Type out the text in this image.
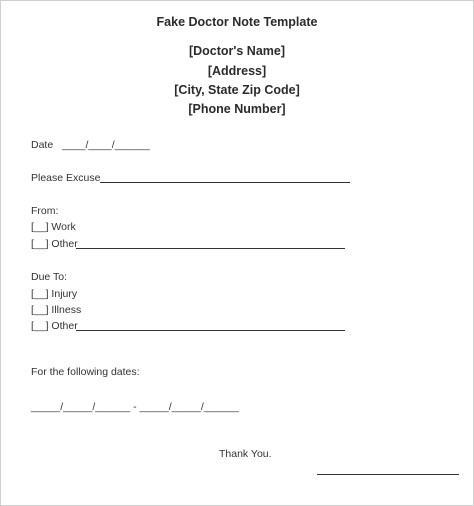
Fake Doctor Note Template
[Doctor's Name]
[Address]
[City, State Zip Code]
[Phone Number]
Date ____/____/______
Please Excuse
From:
[__] Work
[__] Other
Due To:
[__] Injury
[__] Illness
[__] Other
For the following dates:
_____/_____/______ - _____/_____/______
Thank You.
